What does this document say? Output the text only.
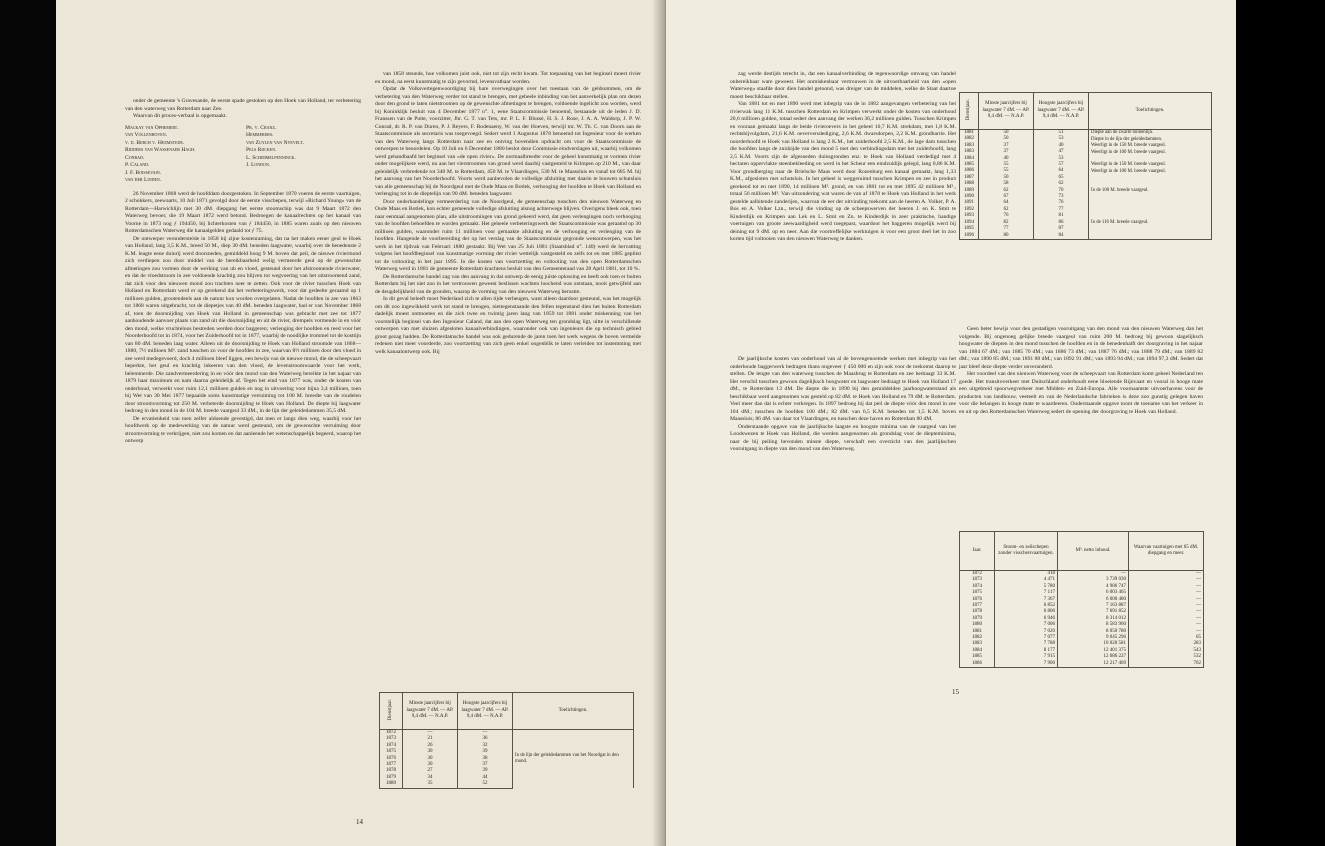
onder de gemeente 's Gravesande, de eerste spade gestoken op den Hoek van Holland, ter verbetering van den waterweg van Rotterdam naar Zee.

Waarvan dit proces-verbaal is opgemaakt.

Mackay van Ophemert.	Pr. v. Cranz.
van Vollenhoven.	Hemmerers.
v. d. Berch v. Heemstede.	van Zuylen van Nyevelt.
Ridders van Wassenaer Hagh.	Pels Rijcken.
Conrad.	L. Schimmelpenninck.
P. Caland.	J. London.
J. F. Boissevain.
van der Linden.

26 November 1868 werd de hoofddam doorgestoken. In September 1870 voeren de eerste vaartuigen, 2 schokkers, zeewaarts, 10 Juli 1871 gevolgd door de eerste visschepen, terwijl «Richard Young» van de Rotterdam—Harwichlijn met 30 dM. diepgang het eerste stoomschip was dat 9 Maart 1872 den Waterweg bevoer, die 19 Maart 1872 werd betond. Bedroegen de kanaalrechten op het kanaal van Voorne in 1873 nog ƒ 194450, bij lichterkosten van ƒ 184450, in 1885 waren zoals op den nieuwen Rotterdamschen Waterweg die kanaalgelden gedaald tot ƒ 75.

De ontwerper veronderstelde in 1858 bij zijne kostenraming, dat na het maken eener geul te Hoek van Holland, lang 3,5 K.M., breed 50 M., diep 30 dM. beneden laagwater, waarbij over de benedenste 2 K.M. leagte eene duinrij werd doorsneden, gemiddeld hoog 9 M. boven dat peil, de nieuwe riviermond zich verdiepen zou door middel van de bereikbaarheid welig vermeerde geul op de gewenschte afmetingen zou vormen door de werking van ub en vloed, gesteund door het afstroomende rivierwater, en dat de vloedstroom in zee voldoende krachtig zou blijven tot wegvoering van het uitstroomend zand, dat zich voor den nieuwen mond zou trachten neer te zetten. Ook voor de rivier tusschen Hoek van Holland en Rotterdam werd er op gerekend dat het verbeteringswerk, voor dat gedeelte geraamd op 1 millioen gulden, grootendeels aan de natuur kon worden overgelaten. Nadat de hoofden in zee van 1863 tot 1868 waren uitgebracht, tot de diepetjes van 40 dM. beneden laagwater, had er van November 1868 af, toen de doorsnijding van Hoek van Holland in gemeenschap was gebracht met zee tot 1877 aanhoudende aanvoer plaats van zand uit die doorsnijding en uit de rivier, drempels vormende in en vóór den mond, welke vruchteloos bestreden werden door baggeren; verlenging der hoofden en reed voor het Noorderhoofd tot in 1874, voor het Zuiderhoofd tot in 1877, waarbij de noodlijke trommel tot de kosttijn van 80 dM. beneden laag water. Alleen uit de doorsnijding te Hoek van Holland stroomde van 1868—1880, 7½ millioen M³. zand tusschen zo voor de hoofden in zee, waarvan 8½ millioen door den vloed in zee werd medegevoerd, doch 4 millioen bleef liggen, een bewijs van de nieuwe mond, die de scheepvaart beperkte, het geul en krachtig inkeeren van den vloed, de levenstroomwaarde voor het werk, belemmerde. Die zandvermeerdering in en vóór den mond van den Waterweg bereikte in het najaar van 1879 haar maximum en nam daarna geleidelijk af. Tegen het eind van 1877 was, onder de kosten van onderhoud, verwerkt voor ruim 12,1 millioen gulden en nog in uitvoering voor bijna 3,4 millioen, toen bij Wet van 30 Mei 1877 bepaalde soms kunstmatige verruiming tot 100 M. breedte van de roudelen door stroomvorming tot 250 M. verbeterde doorsnijding te Hoek van Holland. De diepte bij laagwater bedroeg in den mond in de 104 M. breede vaargeul 33 dM., in de lijn der geleidedammen 35,5 dM.

De ervatienheid van toen zelfer aldoende gevestigd, dat men er langs dien weg, waarbij voor het hoofdwerk op de medewerking van de natuur werd gesteund, om de gewenschte verruiming door stroomvorming te verkrijgen, niet zou komen en dat aanleende het wetenschappelijk begeerd, waarop het ontwerp

van 1858 steunde, hoe volkomen juist ook, niet tot zijn recht kwam. Tot toepassing van het beginsel moest rivier en mond, na eerst kunstmatig te zijn gevormd, levensvatbaar worden.

Opdat de Volksvertegenwoordiging bij hare overwegingen over het toestaan van de geldsommen, om de verbetering van den Waterweg verder tot stand te brengen, met geheele inbinding van het aanverkelijk plan om dezen door den grond te laten nietstroomen op de gewenschte afmetingen te brengen, voldoende ingelicht zou worden, werd bij Koninklijk besluit van 4 December 1877 n°. 1, eene Staatscommissie benoemd, bestaande uit de leden J. D. Franssen van de Putte, voorzitter, Jhr. G. T. van Tets, mr. P. L. F. Blussé, H. S. J. Rose, J. A. A. Waldorp, J. P. W. Conrad, dr. R. P. van Duren, P. J. Reyers, F. Rodenaeny, W. van der Hoeven, terwijl mr. W. Th. C. van Doorn aan de Staatscommissie als secretaris was toegevoegd. Sedert werd 1 Augustus 1878 benoemd tot Ingenieur voor de werken van den Waterweg langs Rotterdam naar zee en ontving bovendien opdracht om voor de Staatscommissie de ontwerpen te beoordelen. Op 10 Juli en 6 December 1880 beslot deze Commissie eindverslagen uit, waarbij volkomen werd gehandhaafd het beginsel van «de open rivier». De normaalbreedte voor de geheel kunstmatig te vormen rivier onder mogelijkere werd, nu aan het vierstroomen van grond werd daarbij vastgesteld te Krimpen op 210 M., van daar geleidelijk verbredende tot 340 M. te Rotterdam, 450 M. te Vlaardingen, 530 M. te Maassluis en vanaf tot 685 M. bij het aanvang van het Noorderhoofd. Voorts werd aanbevolen de volledige afsluiting met daarin te bouwen schutsluis van alle gemeenschap bij de Noordgeul met de Oude Maas en Botlek, verhooging der hoofden te Hoek van Holland en verlenging tot in de dieptelijn van 90 dM. beneden laagwater.

Door onderhandelinge vermeerdering van de Noordgeul, de gemeenschap tusschen den nieuwen Waterweg en Oude Maas en Botlek, kon echter gemeende volledige afsluiting alsnog achterwege blijven. Overigens bleek ook, toen naar eenmaal aangenomen plan, alle uitstroomingen van grond gekeerd werd, dat geen verlengingen noch verhooging van de hoofden behoefden te worden gemaakt. Het geheele verbeteringswerk der Staatscommissie was geraamd op 30 millioen gulden, waaronder ruim 11 millioen voor gemaakte afsluiting en de verhooging en verlenging van de hoofden. Hangende de voorbereiding der op het verslag van de Staatscommissie gegronde wetsontwerpen, was het werk in het tijdvak van Februari 1880 gestaakt. Bij Wet van 25 Juli 1881 (Staatsblad n°. 140) werd de hervatting volgens het hoofdbeginsel van kunstmatige vorming der rivier wettelijk vastgesteld en zelfs tot en met 1885 geplitst tot de voltooiing in het jaar 1895. In die kosten van voortzetting en voltooiing van den open Rotterdamschen Waterweg werd in 1881 de gemeente Rotterdam krachtens besluit van den Gemeenteraad van 28 April 1881, tot 10 %.

De Rotterdamsche handel zag van den aanvang in dat ontwerp de eenig juiste oplossing en heeft ook toen er buiten Rotterdam bij het niet zoo in het vertrouwen geweest beslissen wachten loochend was ontstaan, nooit getwijfeld aan de deugdelijkheid van de gronden, waarop de vorming van den nieuwen Waterweg berustte.

In dit geval beleeft moet Nederland zich te allen tijde verheugen, want alleen daardoor gesteund, was het mogelijk om dit zoo ingewikkeld werk tot stand te brengen, niettegenstaande den fellen tegenstand dien het buiten Rotterdam dadelijk moest ontmoeten en die zich twee en twintig jaren lang van 1859 tot 1881 onder miskenning van het voorstellijk beginsel van den Ingenieur Caland, dat aan den open Waterweg ten grondslag ligt, uitte in verschillende ontwerpen van met sluizen afgesloten kanaalverbindingen, waaronder ook van ingenieurs die op technisch gebied groot gezag hadden. De Rotterdamsche handel was ook gedurende de jaren toen het werk wegens de boven vermelde redenen niet meer voorderde, zoo voortzetting van zich geen enkel oogenblik te laten verleiden tot instemming met welk kanaalontwerp ook. Bij

Dienstjaar.	Minste jaarcijfers bij laagwater 7 dM. — AP. 9,4 dM. — N.A.P.	Hoogste jaarcijfers bij laagwater 7 dM. — AP. 9,4 dM. — N.A.P.	Toelichtingen.
1872	—	—	In de lijn der geleidedammen van het Noordgat in den mond.
1873	21	36	
1874	26	32	
1875	30	39	
1876	30	38	
1877	30	37	
1878	27	39	
1879	34	44	
1880	35	52	
14

zag werde destijds terecht in, dat een kanaalverbinding de tegenwoordige omvang van handel onbereikbaar ware geweest. Het onmiskenbaar vertrouwen in de uitvoerbaarheid van den «open Waterweg» staafde door dien handel getoond, was dreiger van de middelen, welke de Staat daartoe moest beschikbaar stellen.

Van 1881 tot en met 1890 werd met inbegrip van de in 1882 aangevangen verbetering van het rivierwak lang 11 K.M. tusschen Rotterdam en Krimpen verwerkt onder de kosten van onderhoud 20,6 millioen gulden, totaal sedert den aanvang der werken 36,2 millioen gulden. Tusschen Krimpen en vooraan gemaakt langs de beide rivieroevers in het geheel 10,7 K.M. strekdam, met 1,8 K.M. rechtsbijvulgdam, 21,6 K.M. oeverversdediging, 2,6 K.M. dwarsdorpen, 2,2 K.M. grondbarrie. Het noorderhoofd te Hoek van Holland is lang 2 K.M., het zuiderhoofd 2,5 K.M., de lage dam tusschen die hoofden langs de zuidzijde van den mond 5 met den verbindingsdam met het zuiderhoofd, lang 2,5 K.M. Voorts zijn de afgesneden duinsgronden enz. te Hoek van Holland verdedigd met 4 hectaren oppervlakte steenbekleeding en werd in het Scheur een eindzuidijk gelegd, lang 0,86 K.M. Voor grondberging naar de Brielsche Maas werd door Rozenburg een kanaal gemaakt, lang 1,33 K.M., afgesloten met schutsluis. In het geheel is weggeruimd tusschen Krimpen en zee in product gerekend tot en met 1890, 14 millioen M³. grond, en van 1881 tot en met 1895 42 millioen M³., totaal 56 millioen M³. Van uitzondering wat waren de van af 1878 te Hoek van Holland in het werk gestelde aalhitende zanderijen, waarvan de eer der uitvinding toekomt aan de heeren A. Volker, P. A. Bos en A. Volker Lzn., terwijl die vinding op de scheepswerven der heeren J. en K. Smit te Kinderdijk en Krimpen aan Lek en L. Smit en Zn. te Kinderdijk in zeer praktische, handige voertuigen van groote zeewaardigheid werd toegepast, waardoor het baggeren mogelijk werd bij deining tot 9 dM. op en neer. Aan die voortreffelijke werktuigen is voor een groot deel het in zoo korten tijd voltooien van den nieuwen Waterweg te danken.

De jaarlijksche kosten van onderhoud van al de bovengenoemde werken met inbegrip van het onderhoude baggerwerk bedragen thans ongeveer ƒ 450 000 en zijn ook voor de toekomst daarop te stellen. De lengte van den waterweg tusschen de Maasbrug te Rotterdam en zee bedraagt 33 K.M. Het verschil tusschen gewoon dagelijksch hoogwater en laagwater bedraagt te Hoek van Holland 17 dM., te Rotterdam 13 dM. De diepte die in 1890 bij den gemiddelden jaarhoogwaterstand als beschikbaar werd aangenomen was gesteld op 82 dM. te Hoek van Holland en 79 dM. te Rotterdam. Veel meer dan dat is echter verkregen. In 1897 bedroeg bij dat peil de diepte vóór den mond in zee 104 dM.; tusschen de hoofden 100 dM.; 82 dM. van 6,5 K.M. beneden tot 1,5 K.M. boven Maassluis; 86 dM. van daar tot Vlaardingen, en tusschen deze haven en Rotterdam 80 dM.

Onderstaande opgave van de jaarlijksche laagste en hoogste minima van de vaargeul van het Loodswezen te Hoek van Holland, die werden aangenomen als grondslag voor de diepteminima, naar de bij peiling bevonden minste diepte, verschaft een overzicht van den jaarlijkschen vooruitgang in diepte van den mond van den Waterweg.

Dienstjaar.	Minste jaarcijfers bij laagwater 7 dM. — AP. 9,4 dM. — N.A.P.	Hoogste jaarcijfers bij laagwater 7 dM. — AP. 9,4 dM. — N.A.P.	Toelichtingen.
1881	50	51	Diepte aan de zwarte tonnenlijn.
1882	50	53	Diepte in de lijn der geleidedammen.
1883	37	40	Weerligt in de 150 M. breede vaargeul.
1883	37	47	Weerligt in de 100 M. breede vaargeul.
1884	40	53	
1885	55	57	Weerligt in de 150 M. breede vaargeul.
1886	55	64	Weerligt in de 100 M. breede vaargeul.
1887	50	65	
1888	58	62	
1889	62	70	In de 100 M. breede vaargeul.
1890	67	73	
1891	64	76	
1892	62	77	
1893	76	81	
1894	82	86	In de 116 M. breede vaargeul.
1895	77	87	
1896	80	84	

Geen beter bewijs voor den gestadigen vooruitgang van den mond van den nieuwen Waterweg dan het volgende. Bij ongenoeg gelijke breede vaargeul van ruim 200 M. bedroeg bij gewoon slagelijksch hoogwater de diepten in den mond tusschen de hoofden en in de benedenhalft der doorgraving in het najaar van 1884 67 dM.; van 1885 70 dM.; van 1886 73 dM.; van 1887 76 dM.; van 1888 79 dM.; van 1889 82 dM.; van 1890 85 dM.; van 1891 88 dM.; van 1892 91 dM.; van 1893 94 dM.; van 1894 97,3 dM. Sedert dat jaar bleef deze diepte verder onveranderd.

Het voordeel van den nieuwen Waterweg voor de scheepvaart van Rotterdam komt geheel Nederland ten goede. Het transitoverkeer met Duitschland onderhoudt eene bloeiende Rijnvaart en vooral in hooge mate een uitgebreid spoorwegverkeer met Midden- en Zuid-Europa. Alle voornaamste uitvoerhavens voor de producten van landbouw, veeteelt en van de Nederlandsche fabrieken is deze zoo gunstig gelegen haven voor die belangen in hooge mate te waardeeren. Onderstaande opgave toont de toename van het verkeer in en uit op den Rotterdamschen Waterweg sedert de opening der doorgraving te Hoek van Holland.

Jaar.	Stoom- en zeilschepen zonder visschersvaartuigen.	M³. netto inhoud.	Waarvan vaartuigen met 65 dM. diepgang en meer.
1872	418	—	—
1873	4 471	3 739 030	—
1874	5 780	4 986 747	—
1875	7 117	6 003 465	—
1876	7 367	6 000 480	—
1877	6 852	7 163 887	—
1878	6 800	7 691 852	—
1879	6 946	8 314 012	—
1880	7 006	8 583 960	—
1881	7 020	8 050 780	—
1882	7 077	9 045 296	65
1883	7 788	10 020 581	283
1884	8 177	12 401 375	543
1885	7 915	12 086 227	532
1886	7 900	12 217 469	702
15
